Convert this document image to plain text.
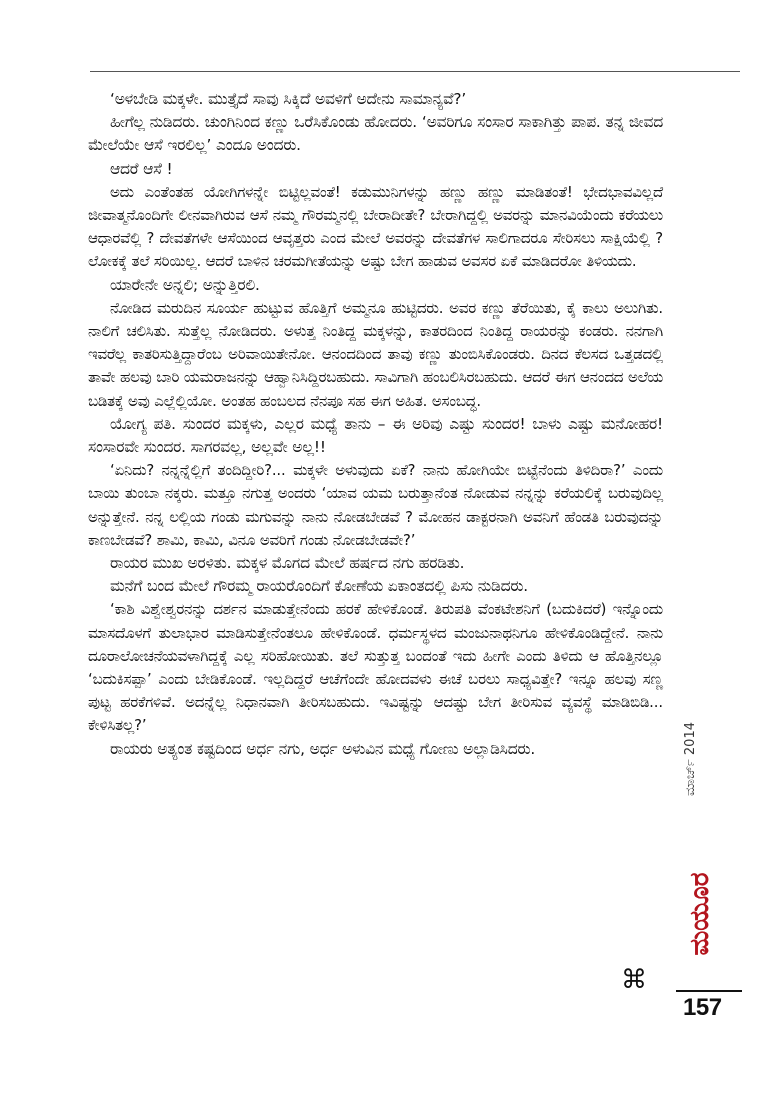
‘ಅಳಬೇಡಿ ಮಕ್ಕಳೇ. ಮುತ್ತೈದೆ ಸಾವು ಸಿಕ್ಕಿದೆ ಅವಳಿಗೆ ಅದೇನು ಸಾಮಾನ್ಯವೆ?’

ಹೀಗೆಲ್ಲ ನುಡಿದರು. ಚುಂಗಿನಿಂದ ಕಣ್ಣು ಒರೆಸಿಕೊಂಡು ಹೋದರು. ‘ಅವರಿಗೂ ಸಂಸಾರ ಸಾಕಾಗಿತ್ತು ಪಾಪ. ತನ್ನ ಜೀವದ ಮೇಲೆಯೇ ಆಸೆ ಇರಲಿಲ್ಲ’ ಎಂದೂ ಅಂದರು.

ಆದರೆ ಆಸೆ !

ಅದು ಎಂತೆಂತಹ ಯೋಗಿಗಳನ್ನೇ ಬಿಟ್ಟಿಲ್ಲವಂತೆ! ಕಡುಮುನಿಗಳನ್ನು ಹಣ್ಣು ಹಣ್ಣು ಮಾಡಿತಂತೆ! ಭೇದಭಾವವಿಲ್ಲದೆ ಜೀವಾತ್ಮನೊಂದಿಗೇ ಲೀನವಾಗಿರುವ ಆಸೆ ನಮ್ಮ ಗೌರಮ್ಮನಲ್ಲಿ ಬೇರಾದೀತೇ? ಬೇರಾಗಿದ್ದಲ್ಲಿ ಅವರನ್ನು ಮಾನವಿಯೆಂದು ಕರೆಯಲು ಆಧಾರವೆಲ್ಲಿ ? ದೇವತೆಗಳೇ ಆಸೆಯಿಂದ ಆವೃತ್ತರು ಎಂದ ಮೇಲೆ ಅವರನ್ನು ದೇವತೆಗಳ ಸಾಲಿಗಾದರೂ ಸೇರಿಸಲು ಸಾಕ್ಷಿಯೆಲ್ಲಿ ? ಲೋಕಕ್ಕೆ ತಲೆ ಸರಿಯಿಲ್ಲ. ಆದರೆ ಬಾಳಿನ ಚರಮಗೀತೆಯನ್ನು ಅಷ್ಟು ಬೇಗ ಹಾಡುವ ಅವಸರ ಏಕೆ ಮಾಡಿದರೋ ತಿಳಿಯದು.

ಯಾರೇನೇ ಅನ್ನಲಿ; ಅನ್ನುತ್ತಿರಲಿ.

ನೋಡಿದ ಮರುದಿನ ಸೂರ್ಯ ಹುಟ್ಟುವ ಹೊತ್ತಿಗೆ ಅಮ್ಮನೂ ಹುಟ್ಟಿದರು. ಅವರ ಕಣ್ಣು ತೆರೆಯಿತು, ಕೈ ಕಾಲು ಅಲುಗಿತು. ನಾಲಿಗೆ ಚಲಿಸಿತು. ಸುತ್ತೆಲ್ಲ ನೋಡಿದರು. ಅಳುತ್ತ ನಿಂತಿದ್ದ ಮಕ್ಕಳನ್ನು, ಕಾತರದಿಂದ ನಿಂತಿದ್ದ ರಾಯರನ್ನು ಕಂಡರು. ನನಗಾಗಿ ಇವರೆಲ್ಲ ಕಾತರಿಸುತ್ತಿದ್ದಾರೆಂಬ ಅರಿವಾಯಿತೇನೋ. ಆನಂದದಿಂದ ತಾವು ಕಣ್ಣು ತುಂಬಿಸಿಕೊಂಡರು. ದಿನದ ಕೆಲಸದ ಒತ್ತಡದಲ್ಲಿ ತಾವೇ ಹಲವು ಬಾರಿ ಯಮರಾಜನನ್ನು ಆಹ್ವಾನಿಸಿದ್ದಿರಬಹುದು. ಸಾವಿಗಾಗಿ ಹಂಬಲಿಸಿರಬಹುದು. ಆದರೆ ಈಗ ಆನಂದದ ಅಲೆಯ ಬಡಿತಕ್ಕೆ ಅವು ಎಲ್ಲೆಲ್ಲಿಯೋ. ಅಂತಹ ಹಂಬಲದ ನೆನಪೂ ಸಹ ಈಗ ಅಹಿತ. ಅಸಂಬದ್ಧ.

ಯೋಗ್ಯ ಪತಿ. ಸುಂದರ ಮಕ್ಕಳು, ಎಲ್ಲರ ಮಧ್ಯೆ ತಾನು – ಈ ಅರಿವು ಎಷ್ಟು ಸುಂದರ! ಬಾಳು ಎಷ್ಟು ಮನೋಹರ! ಸಂಸಾರವೇ ಸುಂದರ. ಸಾಗರವಲ್ಲ, ಅಲ್ಲವೇ ಅಲ್ಲ!!

‘ಏನಿದು? ನನ್ನನ್ನೆಲ್ಲಿಗೆ ತಂದಿದ್ದೀರಿ?... ಮಕ್ಕಳೇ ಅಳುವುದು ಏಕೆ? ನಾನು ಹೋಗಿಯೇ ಬಿಟ್ಟೆನೆಂದು ತಿಳಿದಿರಾ?’ ಎಂದು ಬಾಯಿ ತುಂಬಾ ನಕ್ಕರು. ಮತ್ತೂ ನಗುತ್ತ ಅಂದರು ‘ಯಾವ ಯಮ ಬರುತ್ತಾನೆಂತ ನೋಡುವ ನನ್ನನ್ನು ಕರೆಯಲಿಕ್ಕೆ ಬರುವುದಿಲ್ಲ ಅನ್ನುತ್ತೇನೆ. ನನ್ನ ಲಲ್ಲಿಯ ಗಂಡು ಮಗುವನ್ನು ನಾನು ನೋಡಬೇಡವೆ ? ಮೋಹನ ಡಾಕ್ಟರನಾಗಿ ಅವನಿಗೆ ಹೆಂಡತಿ ಬರುವುದನ್ನು ಕಾಣಬೇಡವೆ? ಶಾಮಿ, ಕಾಮಿ, ವಿನೂ ಅವರಿಗೆ ಗಂಡು ನೋಡಬೇಡವೇ?’

ರಾಯರ ಮುಖ ಅರಳಿತು. ಮಕ್ಕಳ ಮೊಗದ ಮೇಲೆ ಹರ್ಷದ ನಗು ಹರಡಿತು.

ಮನೆಗೆ ಬಂದ ಮೇಲೆ ಗೌರಮ್ಮ ರಾಯರೊಂದಿಗೆ ಕೋಣೆಯ ಏಕಾಂತದಲ್ಲಿ ಪಿಸು ನುಡಿದರು.

‘ಕಾಶಿ ವಿಶ್ವೇಶ್ವರನನ್ನು ದರ್ಶನ ಮಾಡುತ್ತೇನೆಂದು ಹರಕೆ ಹೇಳಿಕೊಂಡೆ. ತಿರುಪತಿ ವೆಂಕಟೇಶನಿಗೆ (ಬದುಕಿದರೆ) ಇನ್ನೊಂದು ಮಾಸದೊಳಗೆ ತುಲಾಭಾರ ಮಾಡಿಸುತ್ತೇನೆಂತಲೂ ಹೇಳಿಕೊಂಡೆ. ಧರ್ಮಸ್ಥಳದ ಮಂಜುನಾಥನಿಗೂ ಹೇಳಿಕೊಂಡಿದ್ದೇನೆ. ನಾನು ದೂರಾಲೋಚನೆಯವಳಾಗಿದ್ದಕ್ಕೆ ಎಲ್ಲ ಸರಿಹೋಯಿತು. ತಲೆ ಸುತ್ತುತ್ತ ಬಂದಂತೆ ಇದು ಹೀಗೇ ಎಂದು ತಿಳಿದು ಆ ಹೊತ್ತಿನಲ್ಲೂ ‘ಬದುಕಿಸಪ್ಪಾ’ ಎಂದು ಬೇಡಿಕೊಂಡೆ. ಇಲ್ಲದಿದ್ದರೆ ಆಚೆಗೆಂದೇ ಹೋದವಳು ಈಚೆ ಬರಲು ಸಾಧ್ಯವಿತ್ತೇ? ಇನ್ನೂ ಹಲವು ಸಣ್ಣ ಪುಟ್ಟ ಹರಕೆಗಳಿವೆ. ಅದನ್ನೆಲ್ಲ ನಿಧಾನವಾಗಿ ತೀರಿಸಬಹುದು. ಇವಿಷ್ಟನ್ನು ಆದಷ್ಟು ಬೇಗ ತೀರಿಸುವ ವ್ಯವಸ್ಥೆ ಮಾಡಿಬಿಡಿ... ಕೇಳಿಸಿತಲ್ಲ?’

ರಾಯರು ಅತ್ಯಂತ ಕಷ್ಟದಿಂದ ಅರ್ಧ ನಗು, ಅರ್ಧ ಅಳುವಿನ ಮಧ್ಯೆ ಗೋಣು ಅಲ್ಲಾಡಿಸಿದರು.	ಮಾರ್ಚ್ 2014
ಮಯೂರ
⌘
157
